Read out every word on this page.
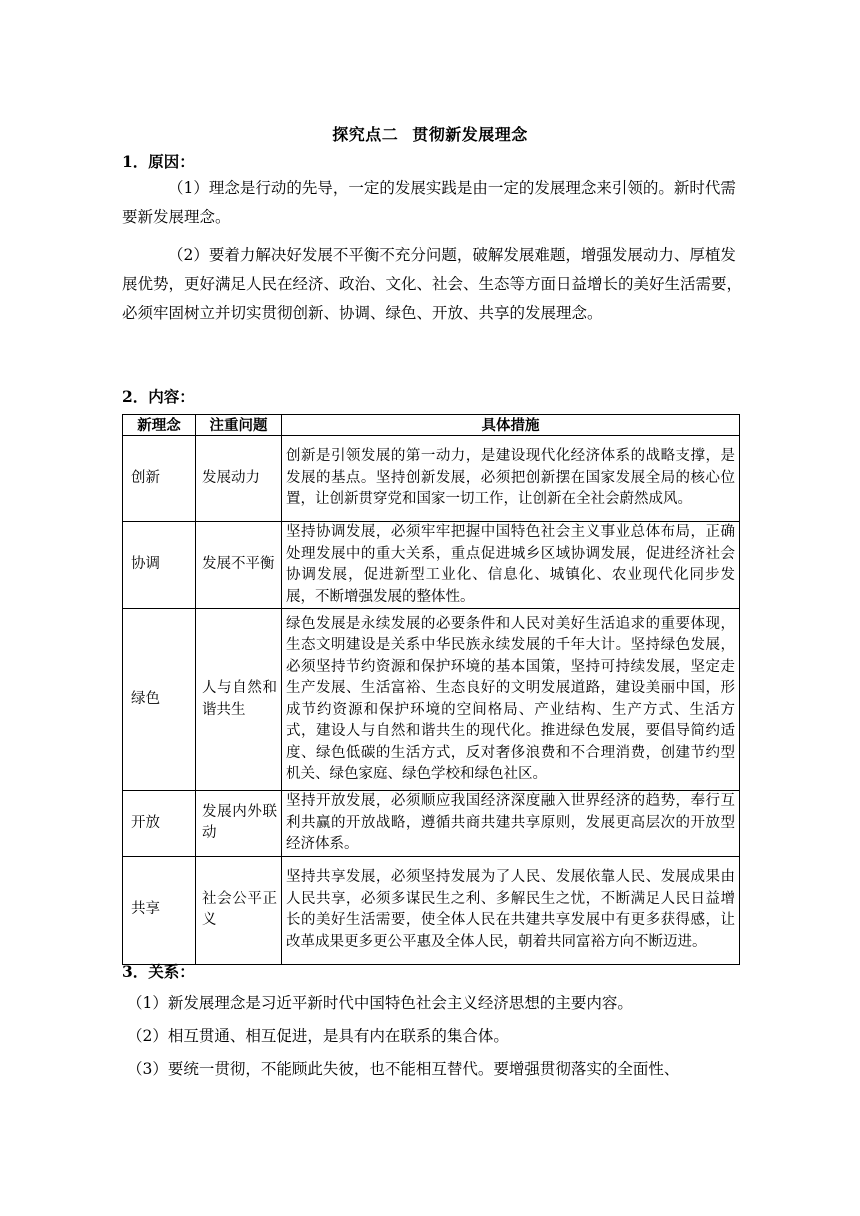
探究点二 贯彻新发展理念
1．原因：

（1）理念是行动的先导，一定的发展实践是由一定的发展理念来引领的。新时代需要新发展理念。

（2）要着力解决好发展不平衡不充分问题，破解发展难题，增强发展动力、厚植发展优势，更好满足人民在经济、政治、文化、社会、生态等方面日益增长的美好生活需要，必须牢固树立并切实贯彻创新、协调、绿色、开放、共享的发展理念。

2．内容：
新理念	注重问题	具体措施
创新	发展动力	创新是引领发展的第一动力，是建设现代化经济体系的战略支撑，是发展的基点。坚持创新发展，必须把创新摆在国家发展全局的核心位置，让创新贯穿党和国家一切工作，让创新在全社会蔚然成风。
协调	发展不平衡	坚持协调发展，必须牢牢把握中国特色社会主义事业总体布局，正确处理发展中的重大关系，重点促进城乡区域协调发展，促进经济社会协调发展，促进新型工业化、信息化、城镇化、农业现代化同步发展，不断增强发展的整体性。
绿色	人与自然和谐共生	绿色发展是永续发展的必要条件和人民对美好生活追求的重要体现，生态文明建设是关系中华民族永续发展的千年大计。坚持绿色发展，必须坚持节约资源和保护环境的基本国策，坚持可持续发展，坚定走生产发展、生活富裕、生态良好的文明发展道路，建设美丽中国，形成节约资源和保护环境的空间格局、产业结构、生产方式、生活方式，建设人与自然和谐共生的现代化。推进绿色发展，要倡导简约适度、绿色低碳的生活方式，反对奢侈浪费和不合理消费，创建节约型机关、绿色家庭、绿色学校和绿色社区。
开放	发展内外联动	坚持开放发展，必须顺应我国经济深度融入世界经济的趋势，奉行互利共赢的开放战略，遵循共商共建共享原则，发展更高层次的开放型经济体系。
共享	社会公平正义	坚持共享发展，必须坚持发展为了人民、发展依靠人民、发展成果由人民共享，必须多谋民生之利、多解民生之忧，不断满足人民日益增长的美好生活需要，使全体人民在共建共享发展中有更多获得感，让改革成果更多更公平惠及全体人民，朝着共同富裕方向不断迈进。
3．关系：
（1）新发展理念是习近平新时代中国特色社会主义经济思想的主要内容。
（2）相互贯通、相互促进，是具有内在联系的集合体。
（3）要统一贯彻，不能顾此失彼，也不能相互替代。要增强贯彻落实的全面性、
